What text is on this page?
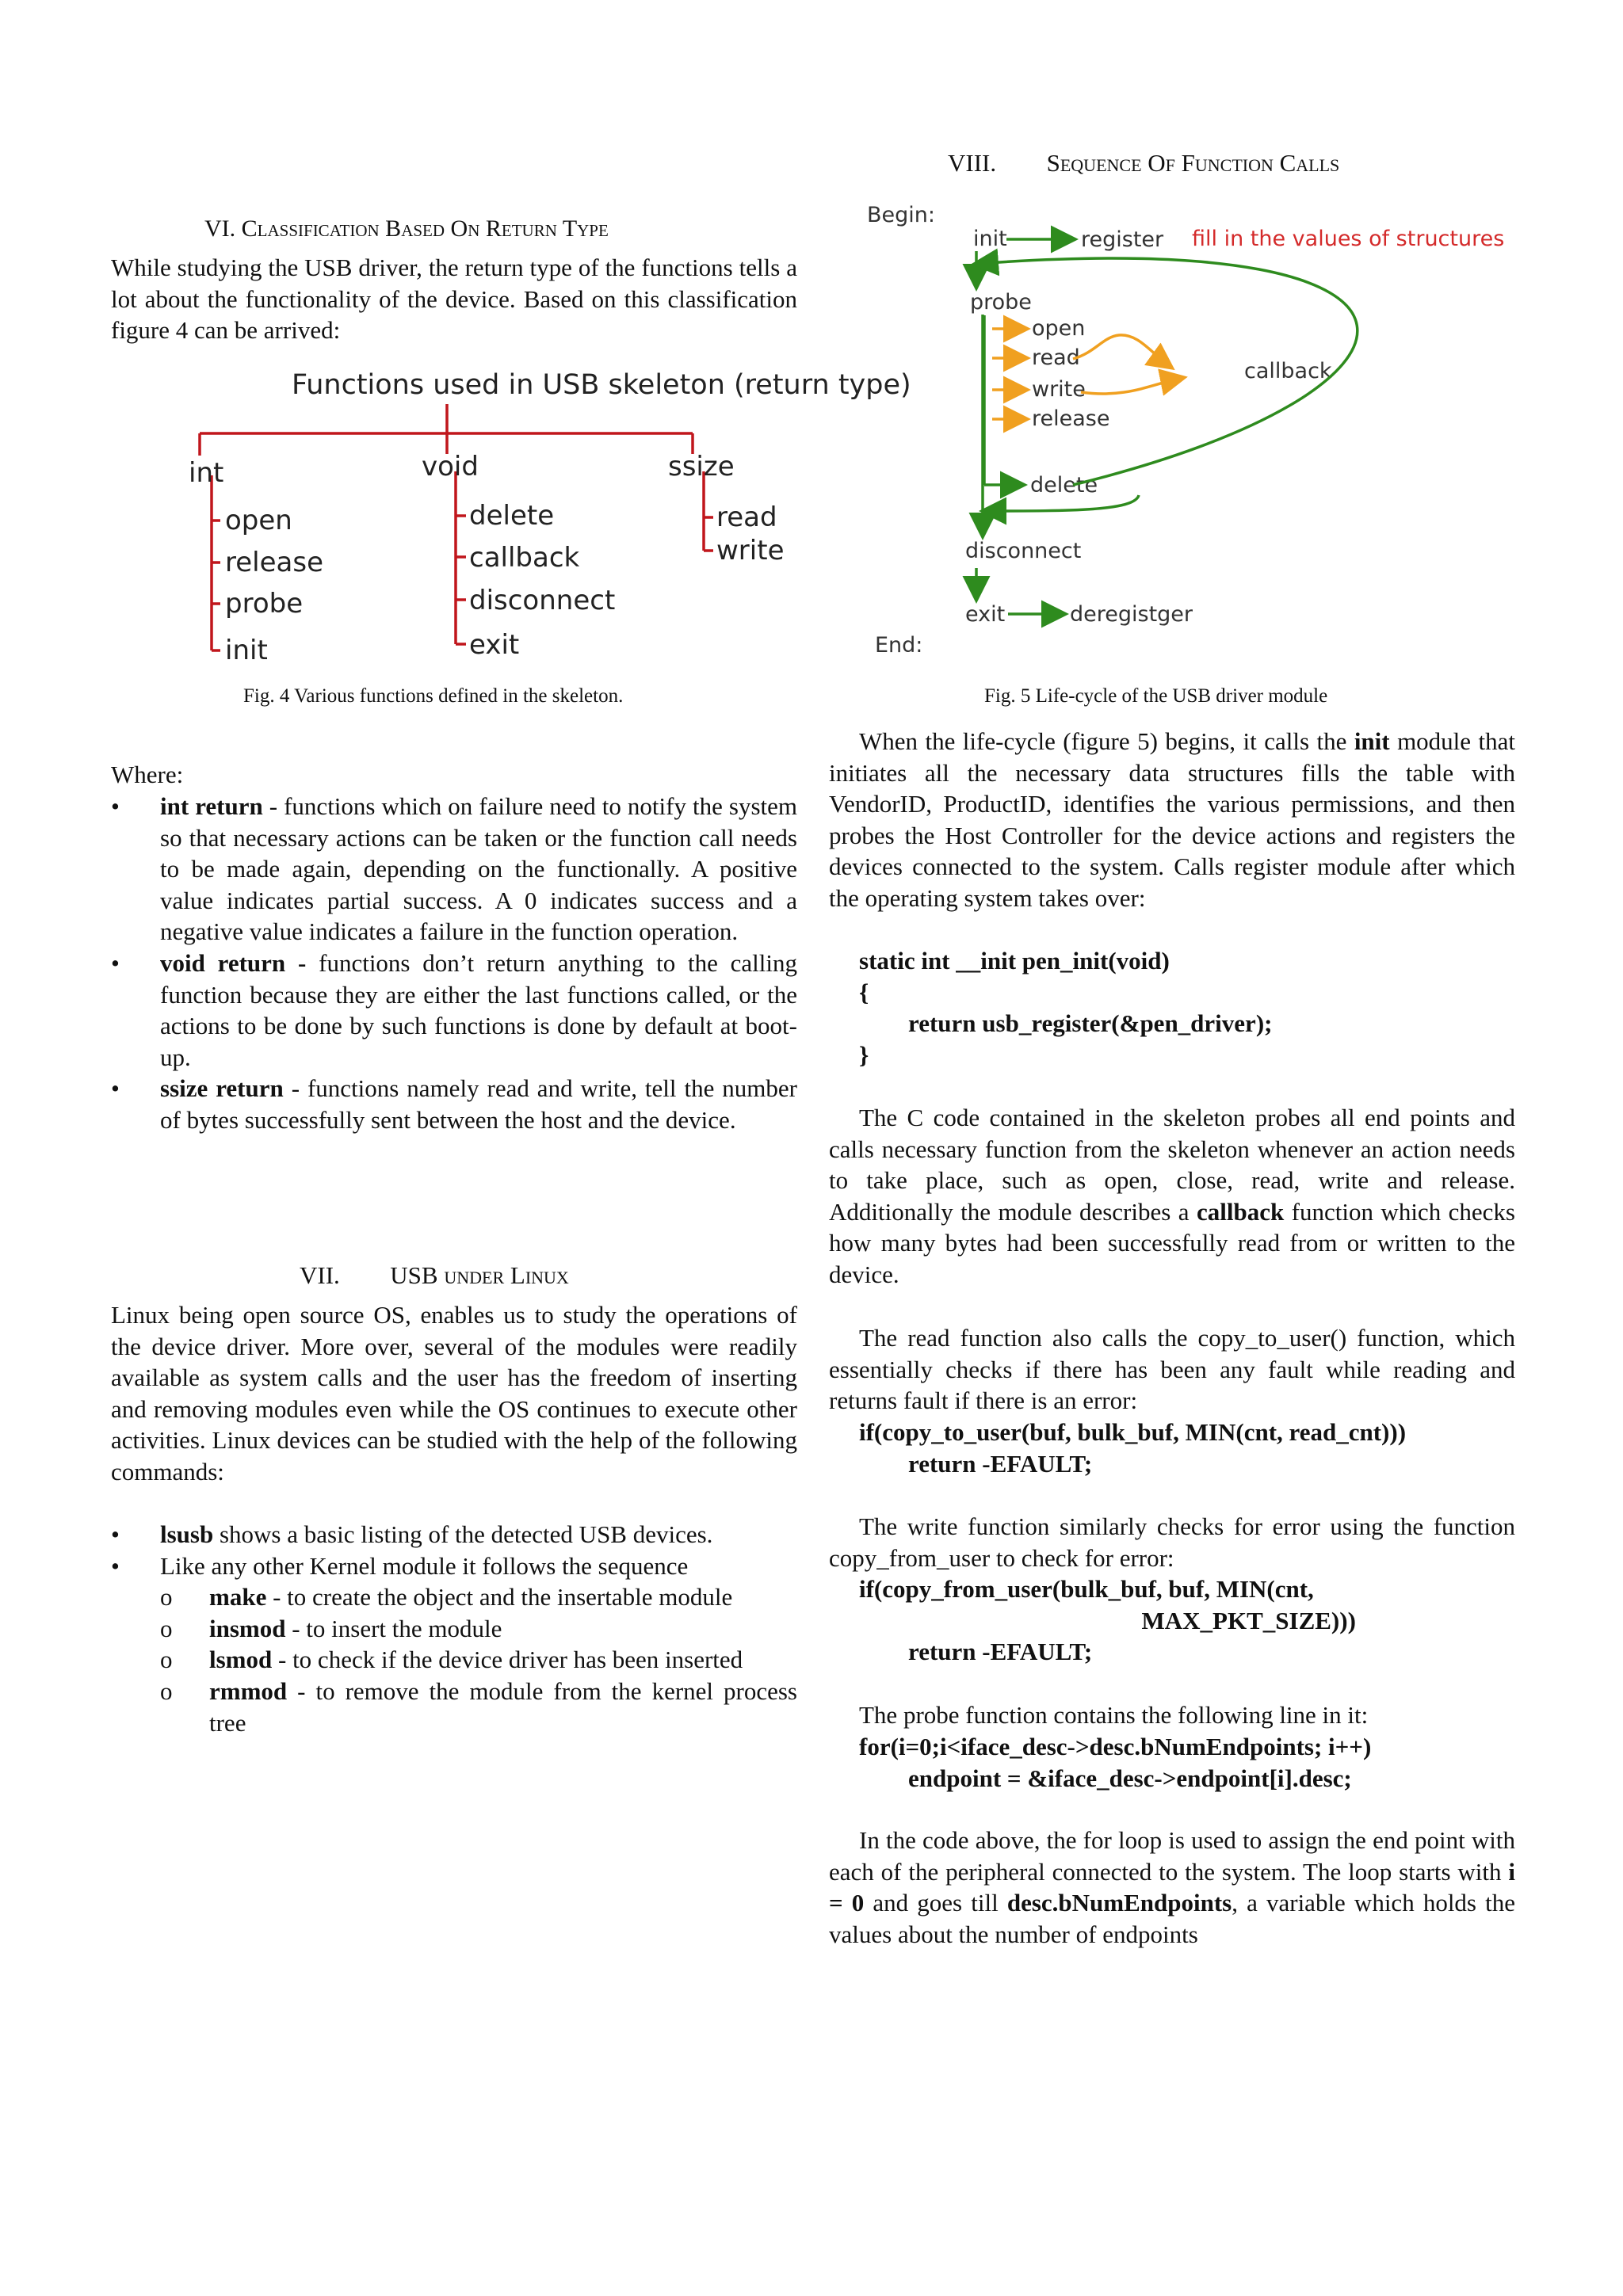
VI. Classification Based On Return Type

While studying the USB driver, the return type of the functions tells a lot about the functionality of the device. Based on this classification figure 4 can be arrived:

Functions used in USB skeleton (return type)
int
open
release
probe
init
void
delete
callback
disconnect
exit
ssize
read
write
Fig. 4 Various functions defined in the skeleton.
Where:
• int return - functions which on failure need to notify the system so that necessary actions can be taken or the function call needs to be made again, depending on the functionally. A positive value indicates partial success. A 0 indicates success and a negative value indicates a failure in the function operation.
• void return - functions don’t return anything to the calling function because they are either the last functions called, or the actions to be done by such functions is done by default at boot-up.
• ssize return - functions namely read and write, tell the number of bytes successfully sent between the host and the device.
VII. USB under Linux

Linux being open source OS, enables us to study the operations of the device driver. More over, several of the modules were readily available as system calls and the user has the freedom of inserting and removing modules even while the OS continues to execute other activities. Linux devices can be studied with the help of the following commands:

• lsusb shows a basic listing of the detected USB devices.
• Like any other Kernel module it follows the sequence
o make - to create the object and the insertable module
o insmod - to insert the module
o lsmod - to check if the device driver has been inserted
o rmmod - to remove the module from the kernel process tree
VIII. Sequence Of Function Calls
Begin:
End:
init	register fill in the values of structures
probe
open
read
write
release
callback
delete
disconnect
exit	deregistger
Fig. 5 Life-cycle of the USB driver module

When the life-cycle (figure 5) begins, it calls the init module that initiates all the necessary data structures fills the table with VendorID, ProductID, identifies the various permissions, and then probes the Host Controller for the device actions and registers the devices connected to the system. Calls register module after which the operating system takes over:

static int __init pen_init(void)
{
return usb_register(&pen_driver);
}

The C code contained in the skeleton probes all end points and calls necessary function from the skeleton whenever an action needs to take place, such as open, close, read, write and release. Additionally the module describes a callback function which checks how many bytes had been successfully read from or written to the device.

The read function also calls the copy_to_user() function, which essentially checks if there has been any fault while reading and returns fault if there is an error:

if(copy_to_user(buf, bulk_buf, MIN(cnt, read_cnt)))
return -EFAULT;

The write function similarly checks for error using the function copy_from_user to check for error:

if(copy_from_user(bulk_buf, buf, MIN(cnt,
MAX_PKT_SIZE)))
return -EFAULT;

The probe function contains the following line in it:

for(i=0;i<iface_desc->desc.bNumEndpoints; i++)
endpoint = &iface_desc->endpoint[i].desc;

In the code above, the for loop is used to assign the end point with each of the peripheral connected to the system. The loop starts with i = 0 and goes till desc.bNumEndpoints, a variable which holds the values about the number of endpoints
